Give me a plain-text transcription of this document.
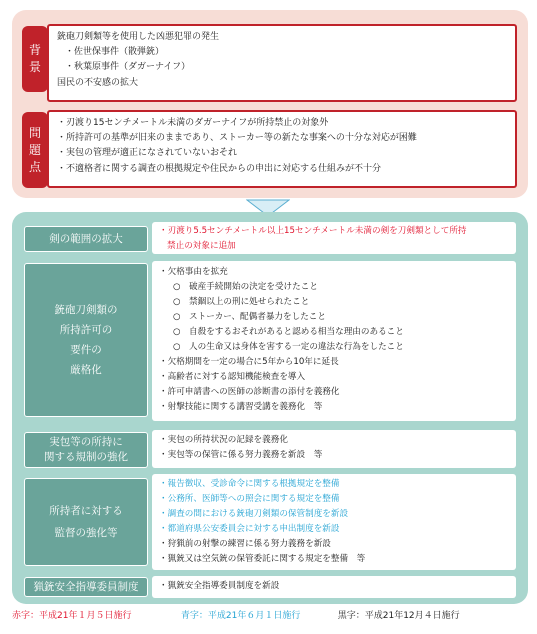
背
景
銃砲刀剣類等を使用した凶悪犯罪の発生
・佐世保事件（散弾銃）
・秋葉原事件（ダガーナイフ）
国民の不安感の拡大
問
題
点
・刃渡り15センチメートル未満のダガーナイフが所持禁止の対象外
・所持許可の基準が旧来のままであり、ストーカー等の新たな事案への十分な対応が困難
・実包の管理が適正になされていないおそれ
・不適格者に関する調査の根拠規定や住民からの申出に対応する仕組みが不十分
剣の範囲の拡大
・刃渡り5.5センチメートル以上15センチメートル未満の剣を刀剣類として所持
禁止の対象に追加
銃砲刀剣類の
所持許可の
要件の
厳格化
・欠格事由を拡充
○ 破産手続開始の決定を受けたこと
○ 禁錮以上の刑に処せられたこと
○ ストーカー、配偶者暴力をしたこと
○ 自殺をするおそれがあると認める相当な理由のあること
○ 人の生命又は身体を害する一定の違法な行為をしたこと
・欠格期間を一定の場合に5年から10年に延長
・高齢者に対する認知機能検査を導入
・許可申請書への医師の診断書の添付を義務化
・射撃技能に関する講習受講を義務化　等
実包等の所持に
関する規制の強化
・実包の所持状況の記録を義務化
・実包等の保管に係る努力義務を新設　等
所持者に対する
監督の強化等
・報告徴収、受診命令に関する根拠規定を整備
・公務所、医師等への照会に関する規定を整備
・調査の間における銃砲刀剣類の保管制度を新設
・都道府県公安委員会に対する申出制度を新設
・狩猟前の射撃の練習に係る努力義務を新設
・猟銃又は空気銃の保管委託に関する規定を整備　等
猟銃安全指導委員制度 ・猟銃安全指導委員制度を新設
赤字：平成21年１月５日施行	青字：平成21年６月１日施行	黒字：平成21年12月４日施行
